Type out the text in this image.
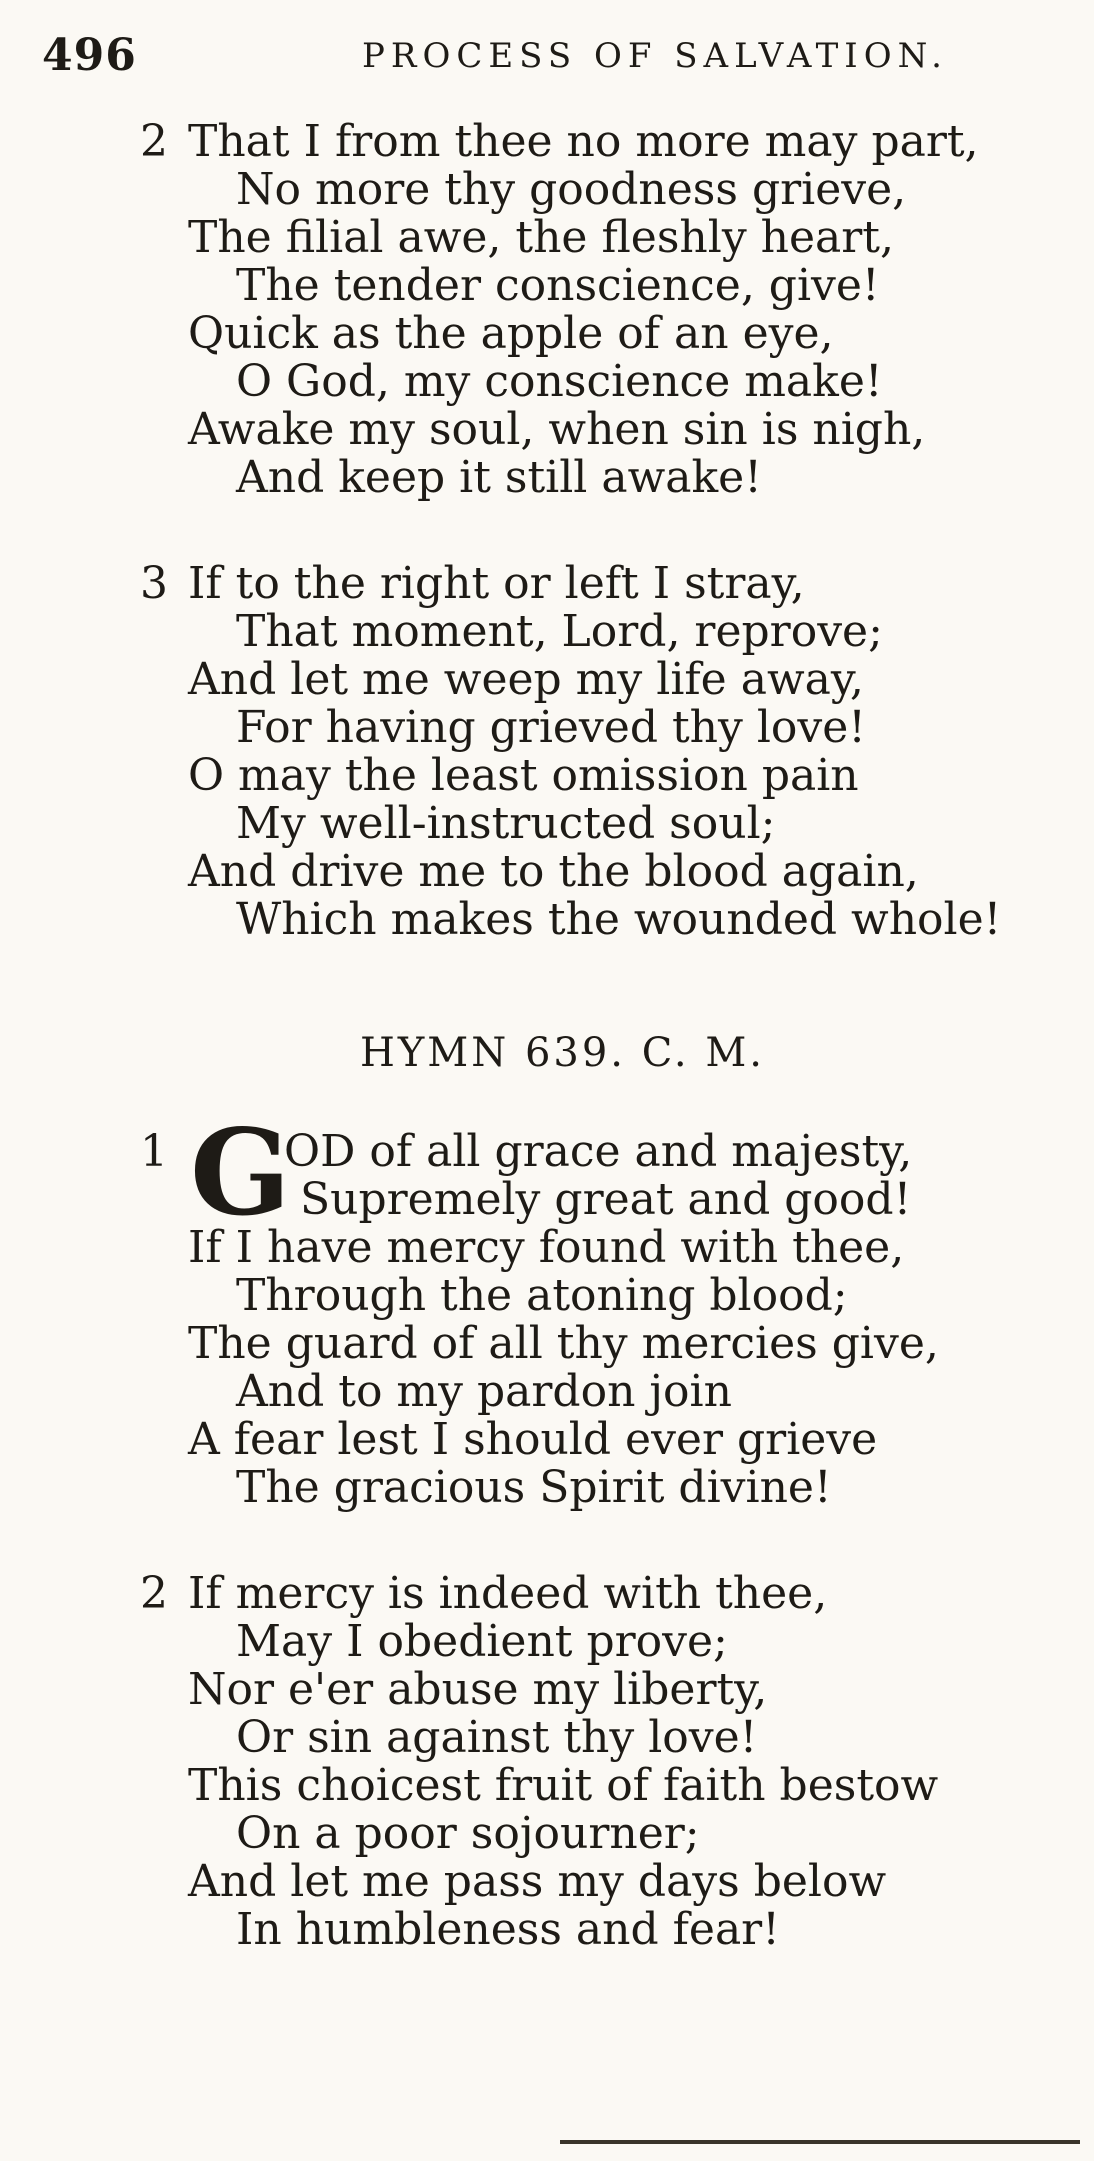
496	PROCESS OF SALVATION.
2 That I from thee no more may part,
No more thy goodness grieve,
The filial awe, the fleshly heart,
The tender conscience, give!
Quick as the apple of an eye,
O God, my conscience make!
Awake my soul, when sin is nigh,
And keep it still awake!
3 If to the right or left I stray,
That moment, Lord, reprove;
And let me weep my life away,
For having grieved thy love!
O may the least omission pain
My well-instructed soul;
And drive me to the blood again,
Which makes the wounded whole!
HYMN 639. C. M.
1 G
OD of all grace and majesty,
Supremely great and good!
If I have mercy found with thee,
Through the atoning blood;
The guard of all thy mercies give,
And to my pardon join
A fear lest I should ever grieve
The gracious Spirit divine!
2 If mercy is indeed with thee,
May I obedient prove;
Nor e'er abuse my liberty,
Or sin against thy love!
This choicest fruit of faith bestow
On a poor sojourner;
And let me pass my days below
In humbleness and fear!
